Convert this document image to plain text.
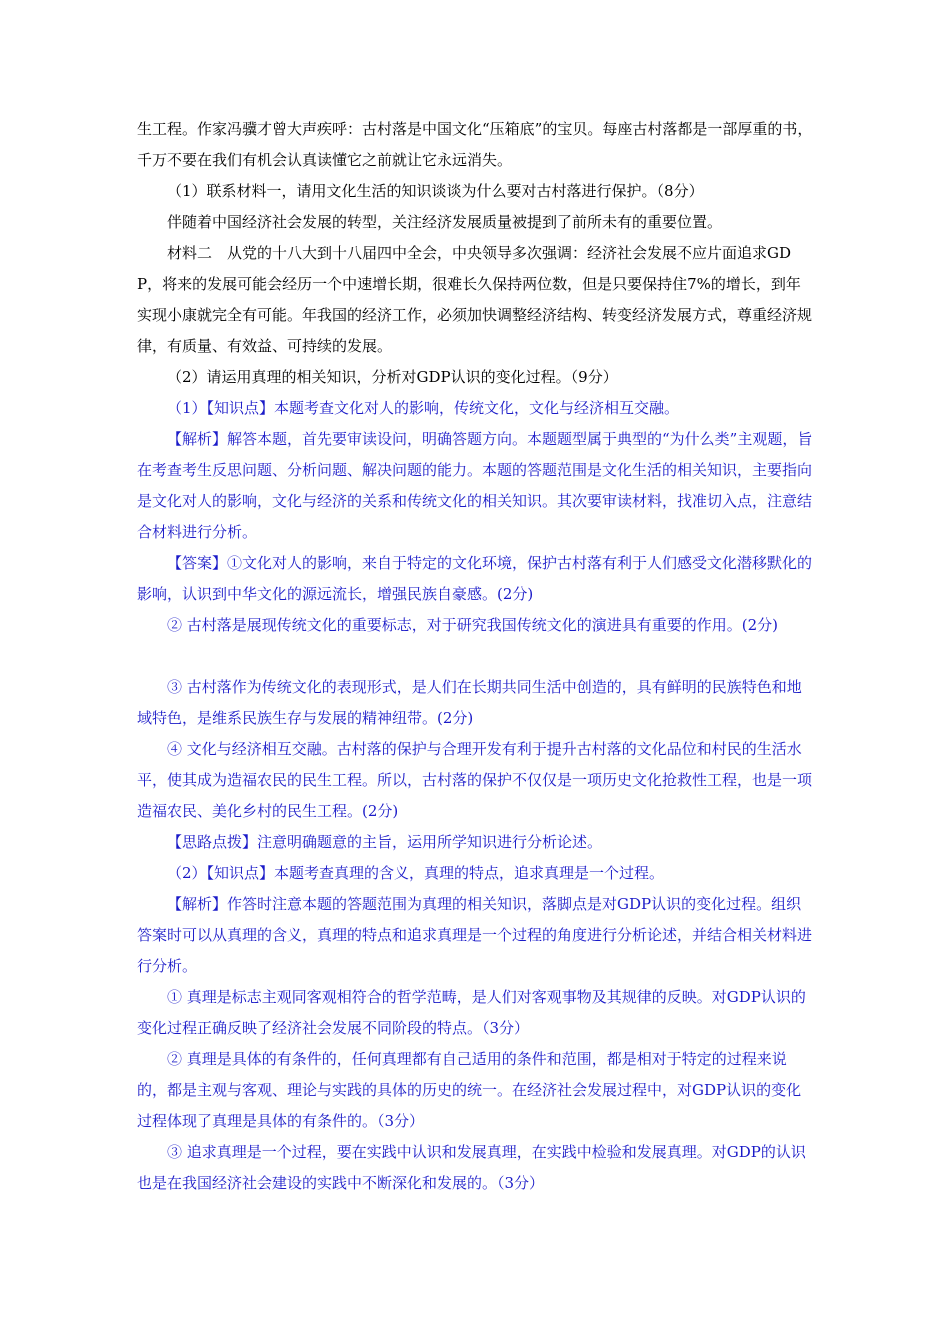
生工程。作家冯骥才曾大声疾呼：古村落是中国文化“压箱底”的宝贝。每座古村落都是一部厚重的书，千万不要在我们有机会认真读懂它之前就让它永远消失。

（1）联系材料一，请用文化生活的知识谈谈为什么要对古村落进行保护。（8分）

伴随着中国经济社会发展的转型，关注经济发展质量被提到了前所未有的重要位置。

材料二　从党的十八大到十八届四中全会，中央领导多次强调：经济社会发展不应片面追求GDP，将来的发展可能会经历一个中速增长期，很难长久保持两位数，但是只要保持住7%的增长，到年实现小康就完全有可能。年我国的经济工作，必须加快调整经济结构、转变经济发展方式，尊重经济规律，有质量、有效益、可持续的发展。

（2）请运用真理的相关知识，分析对GDP认识的变化过程。（9分）

（1）【知识点】本题考查文化对人的影响，传统文化，文化与经济相互交融。

【解析】解答本题，首先要审读设问，明确答题方向。本题题型属于典型的“为什么类”主观题，旨在考查考生反思问题、分析问题、解决问题的能力。本题的答题范围是文化生活的相关知识，主要指向是文化对人的影响，文化与经济的关系和传统文化的相关知识。其次要审读材料，找准切入点，注意结合材料进行分析。

【答案】①文化对人的影响，来自于特定的文化环境，保护古村落有利于人们感受文化潜移默化的影响，认识到中华文化的源远流长，增强民族自豪感。(2分)

② 古村落是展现传统文化的重要标志，对于研究我国传统文化的演进具有重要的作用。(2分)

③ 古村落作为传统文化的表现形式，是人们在长期共同生活中创造的，具有鲜明的民族特色和地域特色，是维系民族生存与发展的精神纽带。(2分)

④ 文化与经济相互交融。古村落的保护与合理开发有利于提升古村落的文化品位和村民的生活水平，使其成为造福农民的民生工程。所以，古村落的保护不仅仅是一项历史文化抢救性工程，也是一项造福农民、美化乡村的民生工程。(2分)

【思路点拨】注意明确题意的主旨，运用所学知识进行分析论述。

（2）【知识点】本题考查真理的含义，真理的特点，追求真理是一个过程。

【解析】作答时注意本题的答题范围为真理的相关知识，落脚点是对GDP认识的变化过程。组织答案时可以从真理的含义，真理的特点和追求真理是一个过程的角度进行分析论述，并结合相关材料进行分析。

① 真理是标志主观同客观相符合的哲学范畴，是人们对客观事物及其规律的反映。对GDP认识的变化过程正确反映了经济社会发展不同阶段的特点。（3分）

② 真理是具体的有条件的，任何真理都有自己适用的条件和范围，都是相对于特定的过程来说的，都是主观与客观、理论与实践的具体的历史的统一。在经济社会发展过程中，对GDP认识的变化过程体现了真理是具体的有条件的。（3分）

③ 追求真理是一个过程，要在实践中认识和发展真理，在实践中检验和发展真理。对GDP的认识也是在我国经济社会建设的实践中不断深化和发展的。（3分）
